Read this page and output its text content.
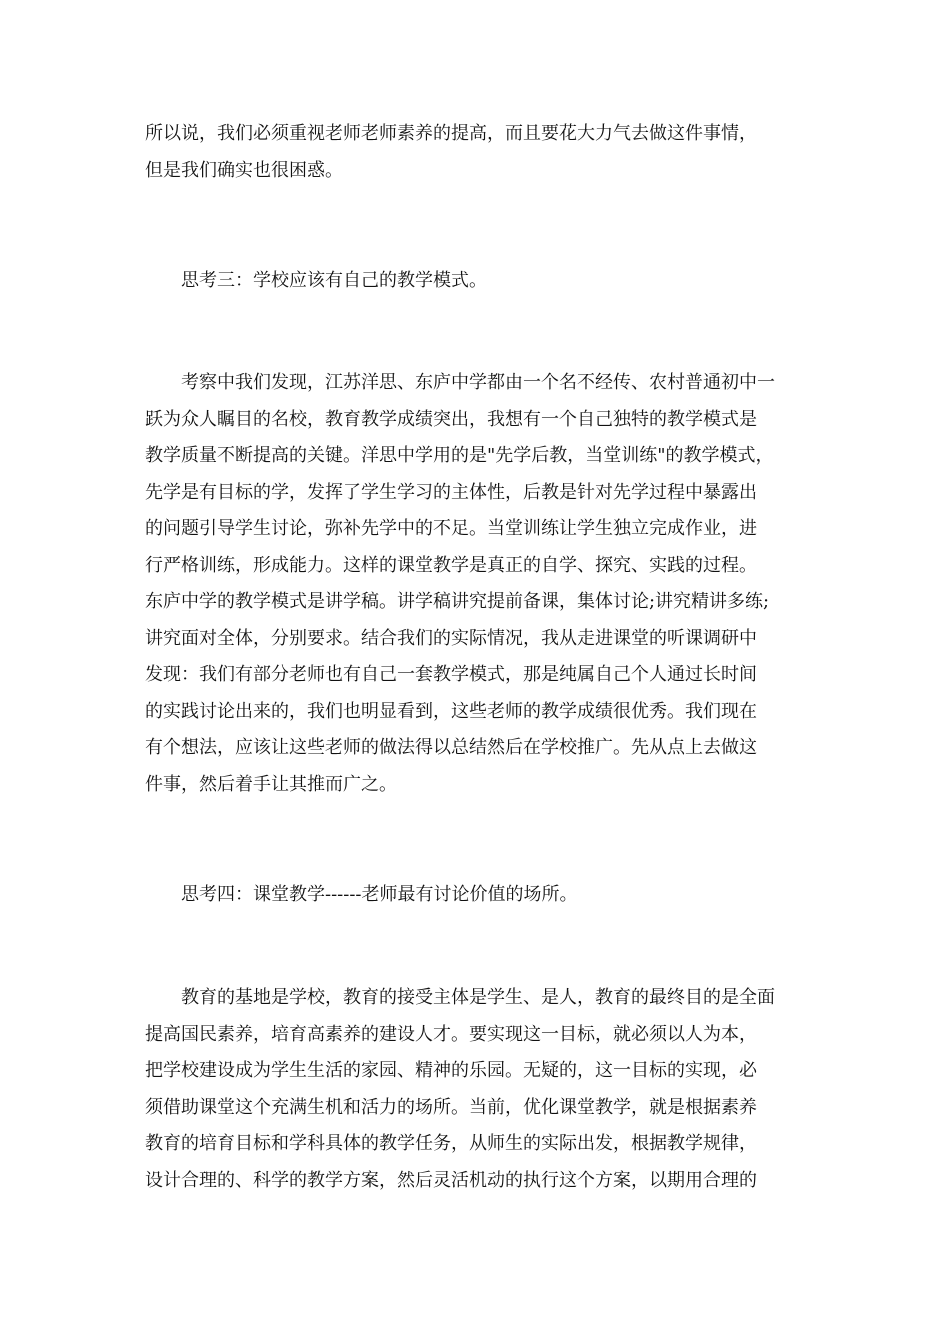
所以说，我们必须重视老师老师素养的提高，而且要花大力气去做这件事情，
但是我们确实也很困惑。

　　思考三：学校应该有自己的教学模式。

　　考察中我们发现，江苏洋思、东庐中学都由一个名不经传、农村普通初中一
跃为众人瞩目的名校，教育教学成绩突出，我想有一个自己独特的教学模式是
教学质量不断提高的关键。洋思中学用的是"先学后教，当堂训练"的教学模式，
先学是有目标的学，发挥了学生学习的主体性，后教是针对先学过程中暴露出
的问题引导学生讨论，弥补先学中的不足。当堂训练让学生独立完成作业，进
行严格训练，形成能力。这样的课堂教学是真正的自学、探究、实践的过程。
东庐中学的教学模式是讲学稿。讲学稿讲究提前备课，集体讨论;讲究精讲多练;
讲究面对全体，分别要求。结合我们的实际情况，我从走进课堂的听课调研中
发现：我们有部分老师也有自己一套教学模式，那是纯属自己个人通过长时间
的实践讨论出来的，我们也明显看到，这些老师的教学成绩很优秀。我们现在
有个想法，应该让这些老师的做法得以总结然后在学校推广。先从点上去做这
件事，然后着手让其推而广之。

　　思考四：课堂教学------老师最有讨论价值的场所。

　　教育的基地是学校，教育的接受主体是学生、是人，教育的最终目的是全面
提高国民素养，培育高素养的建设人才。要实现这一目标，就必须以人为本，
把学校建设成为学生生活的家园、精神的乐园。无疑的，这一目标的实现，必
须借助课堂这个充满生机和活力的场所。当前，优化课堂教学，就是根据素养
教育的培育目标和学科具体的教学任务，从师生的实际出发，根据教学规律，
设计合理的、科学的教学方案，然后灵活机动的执行这个方案，以期用合理的
